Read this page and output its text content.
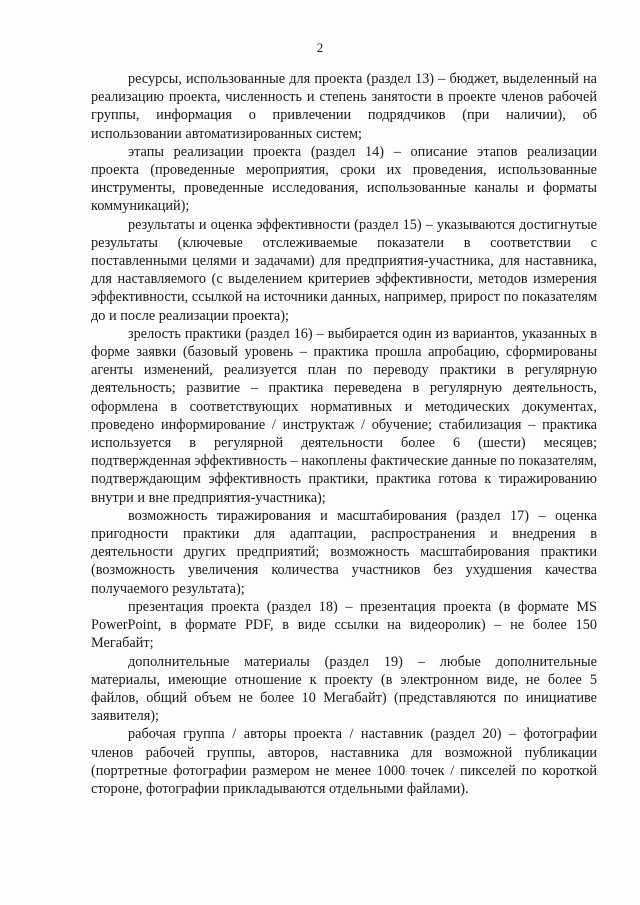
2

ресурсы, использованные для проекта (раздел 13) – бюджет, выделенный на реализацию проекта, численность и степень занятости в проекте членов рабочей группы, информация о привлечении подрядчиков (при наличии), об использовании автоматизированных систем;

этапы реализации проекта (раздел 14) – описание этапов реализации проекта (проведенные мероприятия, сроки их проведения, использованные инструменты, проведенные исследования, использованные каналы и форматы коммуникаций);

результаты и оценка эффективности (раздел 15) – указываются достигнутые результаты (ключевые отслеживаемые показатели в соответствии с поставленными целями и задачами) для предприятия-участника, для наставника, для наставляемого (с выделением критериев эффективности, методов измерения эффективности, ссылкой на источники данных, например, прирост по показателям до и после реализации проекта);

зрелость практики (раздел 16) – выбирается один из вариантов, указанных в форме заявки (базовый уровень – практика прошла апробацию, сформированы агенты изменений, реализуется план по переводу практики в регулярную деятельность; развитие – практика переведена в регулярную деятельность, оформлена в соответствующих нормативных и методических документах, проведено информирование / инструктаж / обучение; стабилизация – практика используется в регулярной деятельности более 6 (шести) месяцев; подтвержденная эффективность – накоплены фактические данные по показателям, подтверждающим эффективность практики, практика готова к тиражированию внутри и вне предприятия-участника);

возможность тиражирования и масштабирования (раздел 17) – оценка пригодности практики для адаптации, распространения и внедрения в деятельности других предприятий; возможность масштабирования практики (возможность увеличения количества участников без ухудшения качества получаемого результата);

презентация проекта (раздел 18) – презентация проекта (в формате MS PowerPoint, в формате PDF, в виде ссылки на видеоролик) – не более 150 Мегабайт;

дополнительные материалы (раздел 19) – любые дополнительные материалы, имеющие отношение к проекту (в электронном виде, не более 5 файлов, общий объем не более 10 Мегабайт) (представляются по инициативе заявителя);

рабочая группа / авторы проекта / наставник (раздел 20) – фотографии членов рабочей группы, авторов, наставника для возможной публикации (портретные фотографии размером не менее 1000 точек / пикселей по короткой стороне, фотографии прикладываются отдельными файлами).
